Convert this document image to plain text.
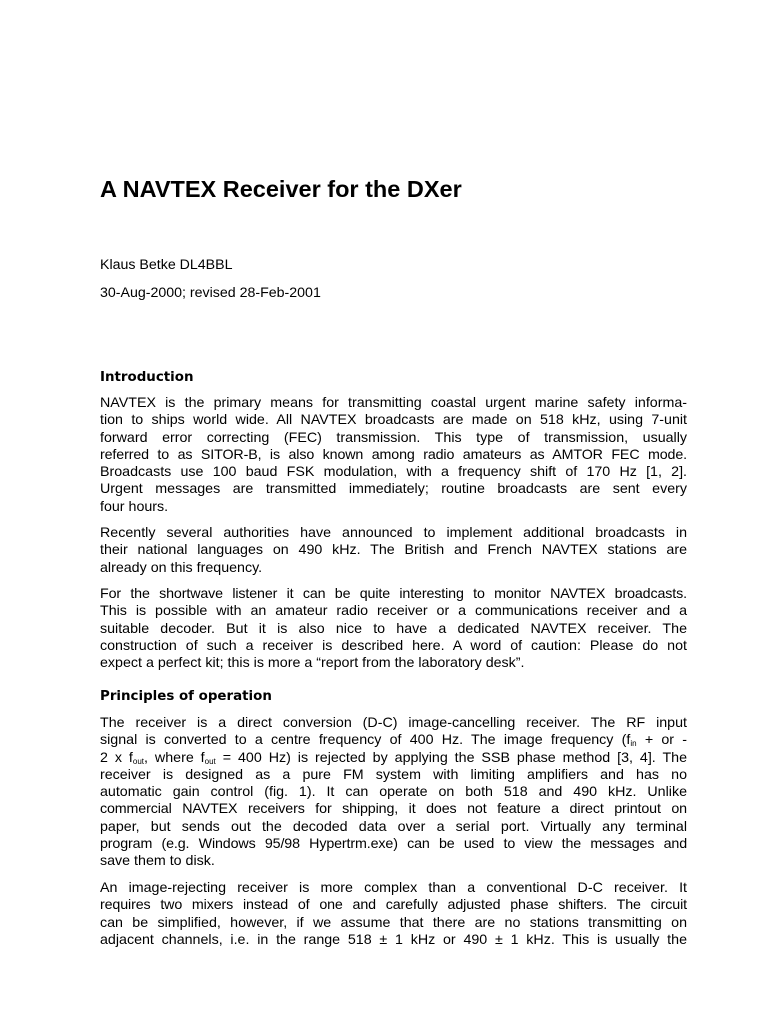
A NAVTEX Receiver for the DXer

Klaus Betke DL4BBL

30-Aug-2000; revised 28-Feb-2001

Introduction
NAVTEX is the primary means for transmitting coastal urgent marine safety informa-
tion to ships world wide. All NAVTEX broadcasts are made on 518 kHz, using 7-unit
forward error correcting (FEC) transmission. This type of transmission, usually
referred to as SITOR-B, is also known among radio amateurs as AMTOR FEC mode.
Broadcasts use 100 baud FSK modulation, with a frequency shift of 170 Hz [1, 2].
Urgent messages are transmitted immediately; routine broadcasts are sent every
four hours.
Recently several authorities have announced to implement additional broadcasts in
their national languages on 490 kHz. The British and French NAVTEX stations are
already on this frequency.
For the shortwave listener it can be quite interesting to monitor NAVTEX broadcasts.
This is possible with an amateur radio receiver or a communications receiver and a
suitable decoder. But it is also nice to have a dedicated NAVTEX receiver. The
construction of such a receiver is described here. A word of caution: Please do not
expect a perfect kit; this is more a “report from the laboratory desk”.
Principles of operation
The receiver is a direct conversion (D-C) image-cancelling receiver. The RF input
signal is converted to a centre frequency of 400 Hz. The image frequency ($f_{in}$ + or -
2 x $f_{out}$, where $f_{out} = 400$ Hz) is rejected by applying the SSB phase method [3, 4]. The
receiver is designed as a pure FM system with limiting amplifiers and has no
automatic gain control (fig. 1). It can operate on both 518 and 490 kHz. Unlike
commercial NAVTEX receivers for shipping, it does not feature a direct printout on
paper, but sends out the decoded data over a serial port. Virtually any terminal
program (e.g. Windows 95/98 Hypertrm.exe) can be used to view the messages and
save them to disk.
An image-rejecting receiver is more complex than a conventional D-C receiver. It
requires two mixers instead of one and carefully adjusted phase shifters. The circuit
can be simplified, however, if we assume that there are no stations transmitting on
adjacent channels, i.e. in the range 518 ± 1 kHz or 490 ± 1 kHz. This is usually the
